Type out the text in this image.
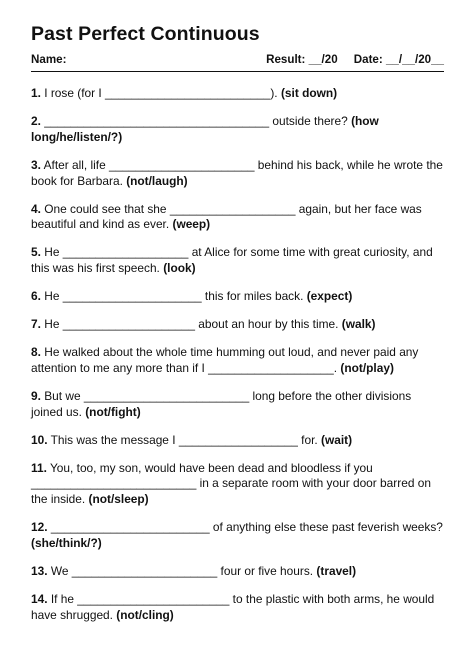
Past Perfect Continuous
Name:	Result: __/20 Date: __/__/20__

1. I rose (for I _________________________). (sit down)

2. __________________________________ outside there? (how long/he/listen/?)

3. After all, life ______________________ behind his back, while he wrote the book for Barbara. (not/laugh)

4. One could see that she ___________________ again, but her face was beautiful and kind as ever. (weep)

5. He ___________________ at Alice for some time with great curiosity, and this was his first speech. (look)

6. He _____________________ this for miles back. (expect)

7. He ____________________ about an hour by this time. (walk)

8. He walked about the whole time humming out loud, and never paid any attention to me any more than if I ___________________. (not/play)

9. But we _________________________ long before the other divisions joined us. (not/fight)

10. This was the message I __________________ for. (wait)

11. You, too, my son, would have been dead and bloodless if you _________________________ in a separate room with your door barred on the inside. (not/sleep)

12. ________________________ of anything else these past feverish weeks? (she/think/?)

13. We ______________________ four or five hours. (travel)

14. If he _______________________ to the plastic with both arms, he would have shrugged. (not/cling)
